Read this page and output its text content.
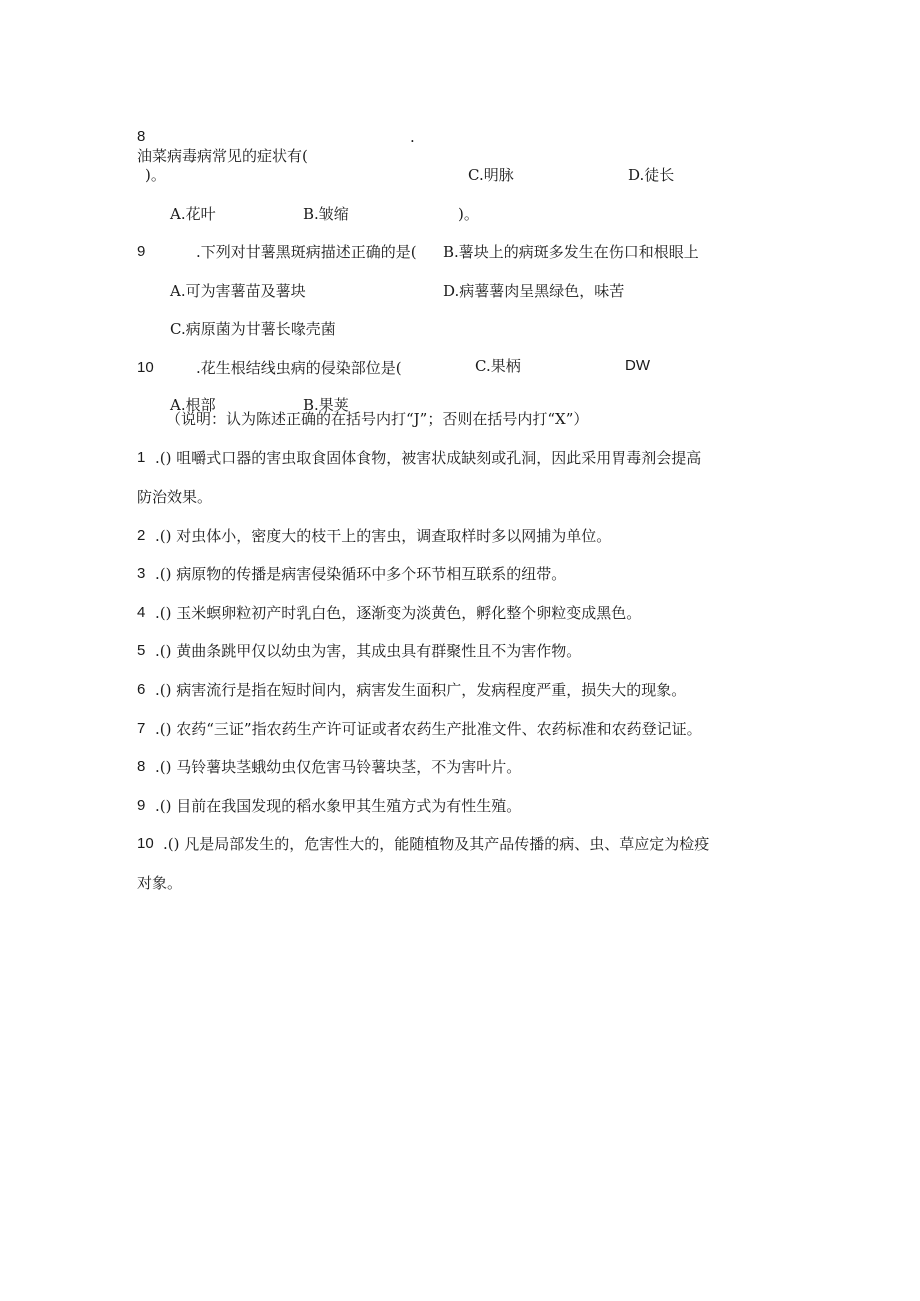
8	.
油菜病毒病常见的症状有(
)。	C.明脉	D.徒长
A.花叶	B.皱缩	)。
9	.下列对甘薯黑斑病描述正确的是( B.薯块上的病斑多发生在伤口和根眼上
A.可为害薯苗及薯块	D.病薯薯肉呈黑绿色，味苦
C.病原菌为甘薯长喙壳菌
10	.花生根结线虫病的侵染部位是(	C.果柄	DW
A.根部	B.果荚
（说明：认为陈述正确的在括号内打“J”；否则在括号内打“X”）
1 .() 咀嚼式口器的害虫取食固体食物，被害状成缺刻或孔洞，因此采用胃毒剂会提高
防治效果。
2 .() 对虫体小，密度大的枝干上的害虫，调查取样时多以网捕为单位。
3 .() 病原物的传播是病害侵染循环中多个环节相互联系的纽带。
4 .() 玉米螟卵粒初产时乳白色，逐渐变为淡黄色，孵化整个卵粒变成黑色。
5 .() 黄曲条跳甲仅以幼虫为害，其成虫具有群聚性且不为害作物。
6 .() 病害流行是指在短时间内，病害发生面积广，发病程度严重，损失大的现象。
7 .() 农药“三证”指农药生产许可证或者农药生产批准文件、农药标准和农药登记证。
8 .() 马铃薯块茎蛾幼虫仅危害马铃薯块茎，不为害叶片。
9 .() 目前在我国发现的稻水象甲其生殖方式为有性生殖。
10 .() 凡是局部发生的，危害性大的，能随植物及其产品传播的病、虫、草应定为检疫
对象。
